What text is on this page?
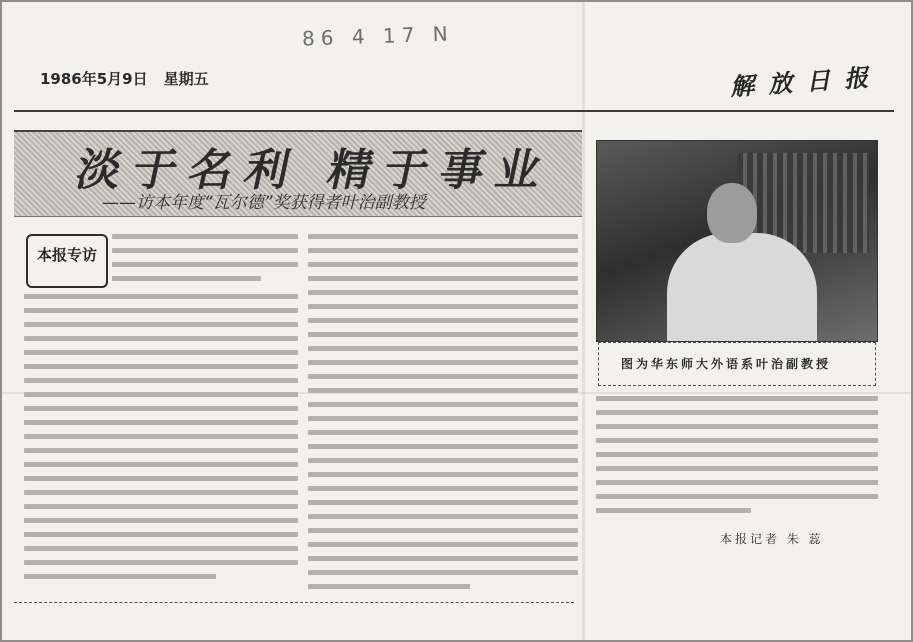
86 4 17 N
1986年5月9日 星期五	解放日报
淡于名利 精于事业
——访本年度“瓦尔德”奖获得者叶治副教授
本报专访
图为华东师大外语系叶治副教授
本报记者 朱 蕊
